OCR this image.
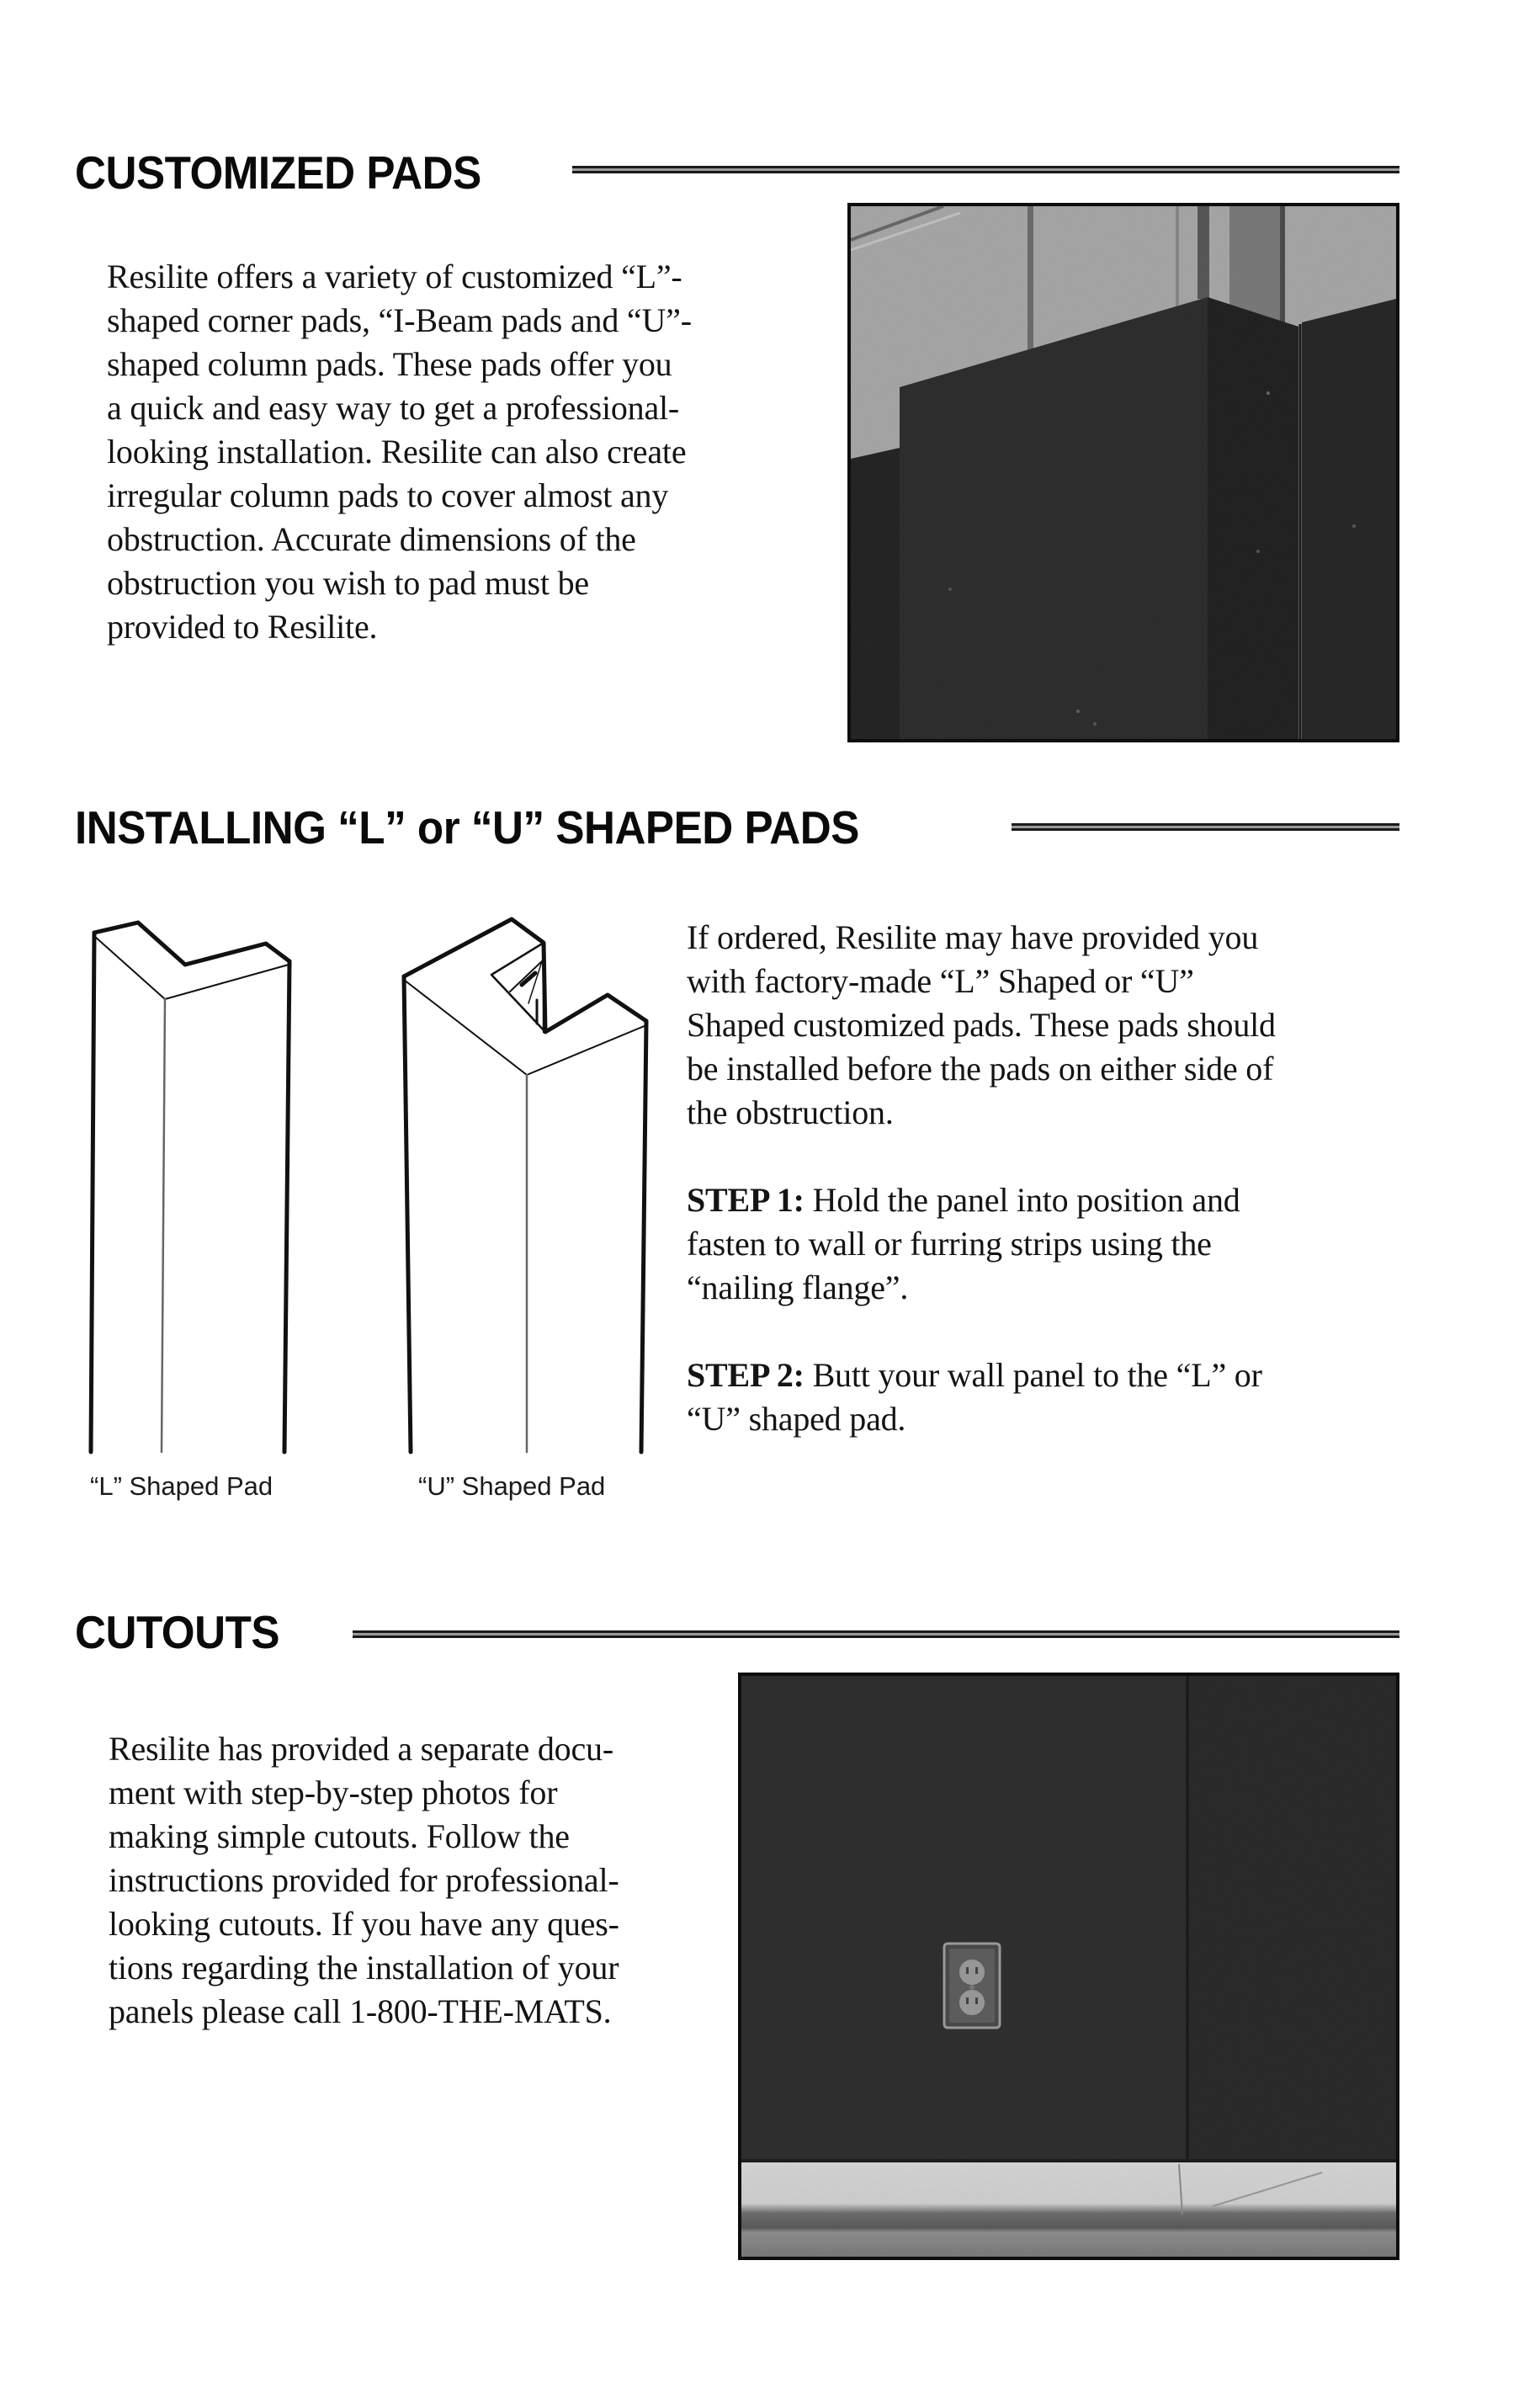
CUSTOMIZED PADS
Resilite offers a variety of customized “L”-
shaped corner pads, “I-Beam pads and “U”-
shaped column pads. These pads offer you
a quick and easy way to get a professional-
looking installation. Resilite can also create
irregular column pads to cover almost any
obstruction. Accurate dimensions of the
obstruction you wish to pad must be
provided to Resilite.
INSTALLING “L” or “U” SHAPED PADS
“L” Shaped Pad	“U” Shaped Pad
If ordered, Resilite may have provided you
with factory-made “L” Shaped or “U”
Shaped customized pads. These pads should
be installed before the pads on either side of
the obstruction.
STEP 1: Hold the panel into position and
fasten to wall or furring strips using the
“nailing flange”.
STEP 2: Butt your wall panel to the “L” or
“U” shaped pad.
CUTOUTS
Resilite has provided a separate docu-
ment with step-by-step photos for
making simple cutouts. Follow the
instructions provided for professional-
looking cutouts. If you have any ques-
tions regarding the installation of your
panels please call 1-800-THE-MATS.
